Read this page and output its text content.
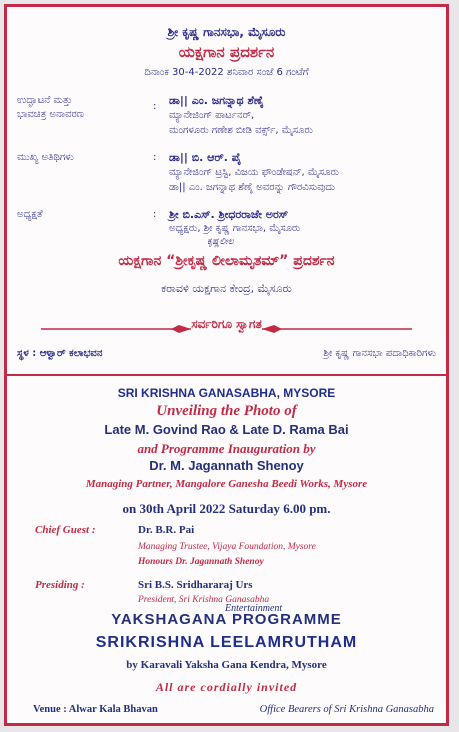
ಶ್ರೀ ಕೃಷ್ಣ ಗಾನಸಭಾ, ಮೈಸೂರು
ಯಕ್ಷಗಾನ ಪ್ರದರ್ಶನ
ದಿನಾಂಕ 30-4-2022 ಶನಿವಾರ ಸಂಜೆ 6 ಗಂಟೆಗೆ
ಉದ್ಘಾಟನೆ ಮತ್ತು
ಭಾವಚಿತ್ರ ಅನಾವರಣ
: ಡಾ|| ಎಂ. ಜಗನ್ನಾಥ ಶೆಣೈ
ಮ್ಯಾನೇಜಿಂಗ್ ಪಾರ್ಟನರ್,
ಮಂಗಳೂರು ಗಣೇಶ ಬೀಡಿ ವರ್ಕ್ಸ್, ಮೈಸೂರು
ಮುಖ್ಯ ಅತಿಥಿಗಳು	: ಡಾ|| ಬಿ. ಆರ್. ಪೈ
ಮ್ಯಾನೇಜಿಂಗ್ ಟ್ರಸ್ಟಿ, ವಿಜಯ ಫೌಂಡೇಷನ್, ಮೈಸೂರು
ಡಾ|| ಎಂ. ಜಗನ್ನಾಥ ಶೆಣೈ ಅವರನ್ನು ಗೌರವಿಸುವುದು
ಅಧ್ಯಕ್ಷತೆ	: ಶ್ರೀ ಬಿ.ಎಸ್. ಶ್ರೀಧರರಾಜೇ ಅರಸ್
ಅಧ್ಯಕ್ಷರು, ಶ್ರೀ ಕೃಷ್ಣ ಗಾನಸಭಾ, ಮೈಸೂರು
ಕೃಷ್ಣಲೀಲ
ಯಕ್ಷಗಾನ “ಶ್ರೀಕೃಷ್ಣ ಲೀಲಾಮೃತಮ್” ಪ್ರದರ್ಶನ
ಕರಾವಳಿ ಯಕ್ಷಗಾನ ಕೇಂದ್ರ, ಮೈಸೂರು
ಸರ್ವರಿಗೂ ಸ್ವಾಗತ
ಸ್ಥಳ : ಆಳ್ವಾರ್ ಕಲಾಭವನ	ಶ್ರೀ ಕೃಷ್ಣ ಗಾನಸಭಾ ಪದಾಧಿಕಾರಿಗಳು
SRI KRISHNA GANASABHA, MYSORE
Unveiling the Photo of
Late M. Govind Rao & Late D. Rama Bai
and Programme Inauguration by
Dr. M. Jagannath Shenoy
Managing Partner, Mangalore Ganesha Beedi Works, Mysore
on 30th April 2022 Saturday 6.00 pm.
Chief Guest :	Dr. B.R. Pai
Managing Trustee, Vijaya Foundation, Mysore
Honours Dr. Jagannath Shenoy
Presiding :	Sri B.S. Sridhararaj Urs
President, Sri Krishna Ganasabha
Entertainment
YAKSHAGANA PROGRAMME
SRIKRISHNA LEELAMRUTHAM
by Karavali Yaksha Gana Kendra, Mysore
All are cordially invited
Venue : Alwar Kala Bhavan	Office Bearers of Sri Krishna Ganasabha
